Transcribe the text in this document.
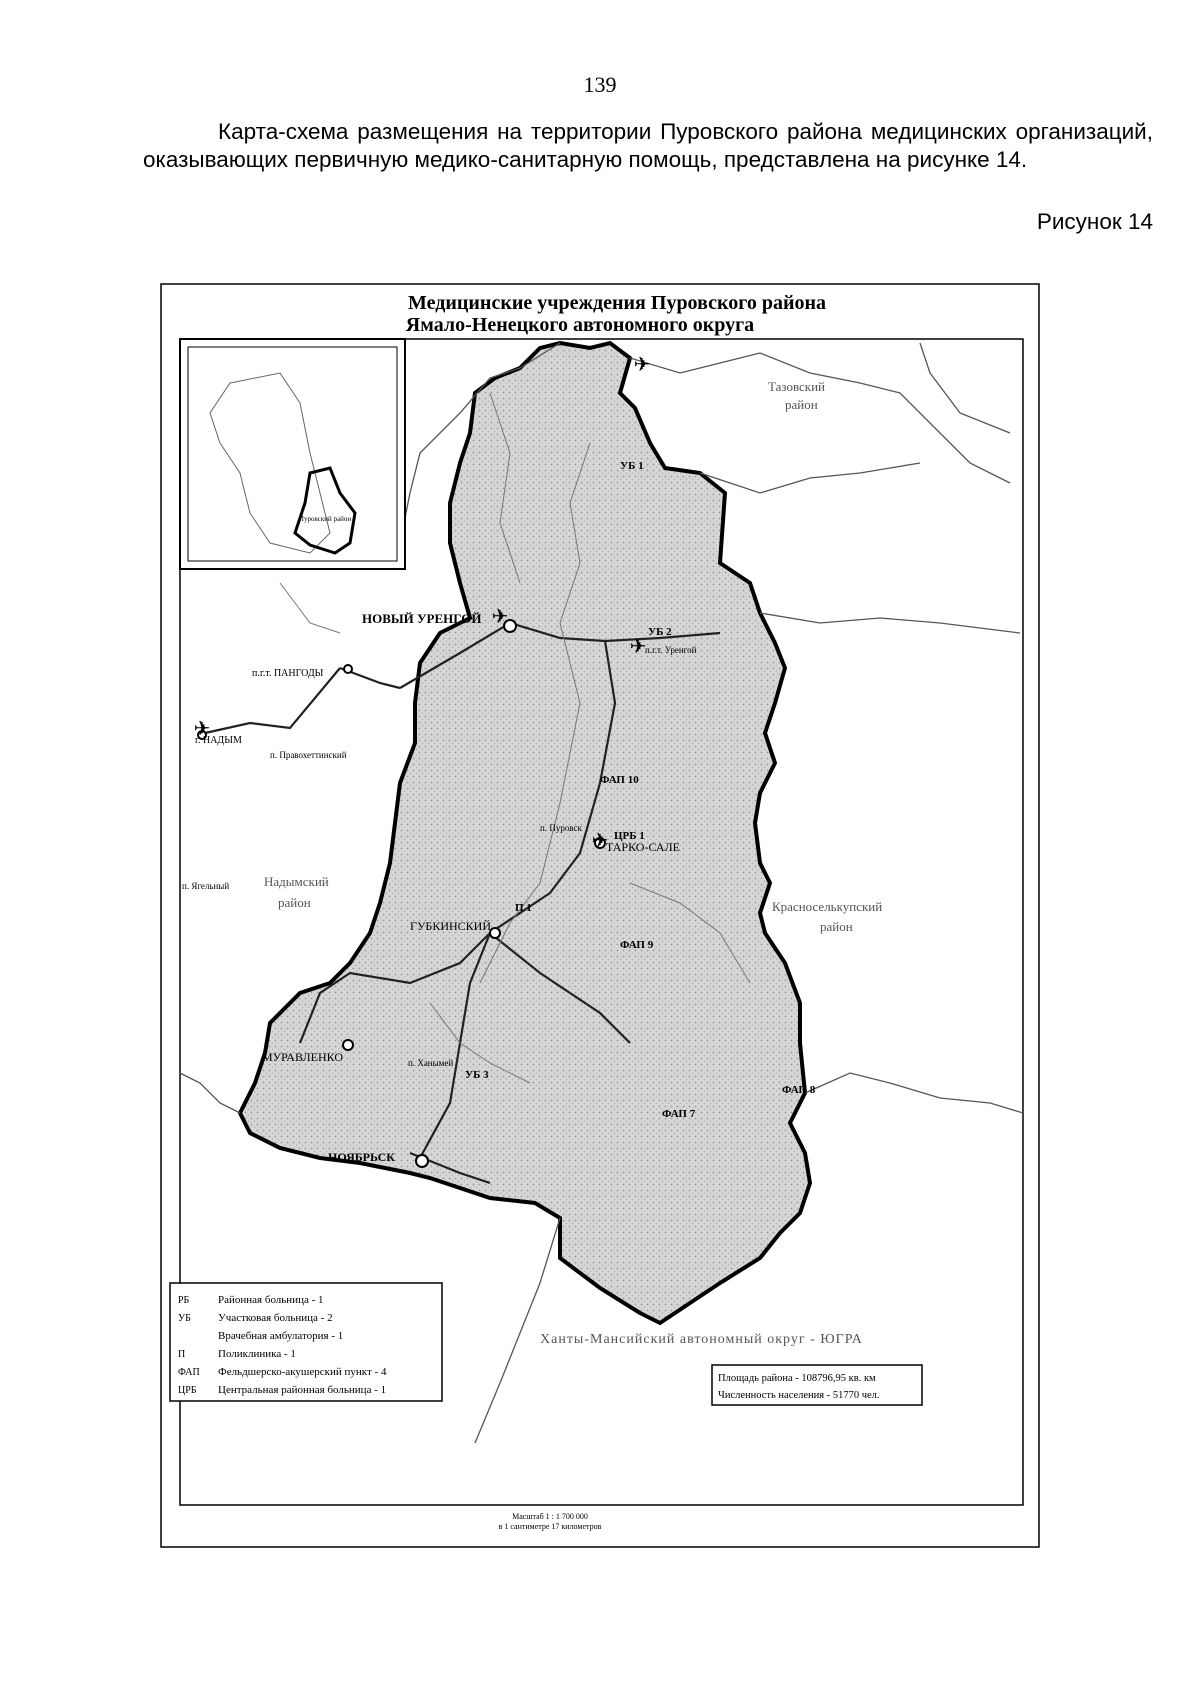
139
Карта-схема размещения на территории Пуровского района медицинских организаций, оказывающих первичную медико-санитарную помощь, представлена на рисунке 14.
Рисунок 14
Медицинские учреждения Пуровского района
Ямало-Ненецкого автономного округа
Пуровский район
✈
✈
✈
✈
✈
НОВЫЙ УРЕНГОЙ
п.г.т. ПАНГОДЫ
г. НАДЫМ
п. Правохеттинский
п.г.т. Уренгой
п. Пуровск
ТАРКО-САЛЕ
п. Ягельный
ГУБКИНСКИЙ
МУРАВЛЕНКО	п. Ханымей
НОЯБРЬСК
УБ 1
УБ 2
УБ 3
П 1
ЦРБ 1
ФАП 10
ФАП 9
ФАП 7
ФАП 8
Тазовский
район
Надымский
район	Красноселькупский
район
Ханты-Мансийский автономный округ - ЮГРА
РБ	Районная больница - 1
УБ Участковая больница - 2
Врачебная амбулатория - 1
П	Поликлиника - 1
ФАП Фельдшерско-акушерский пункт - 4
ЦРБ Центральная районная больница - 1
Площадь района - 108796,95 кв. км
Численность населения - 51770 чел.
Масштаб 1 : 1 700 000
в 1 сантиметре 17 километров
